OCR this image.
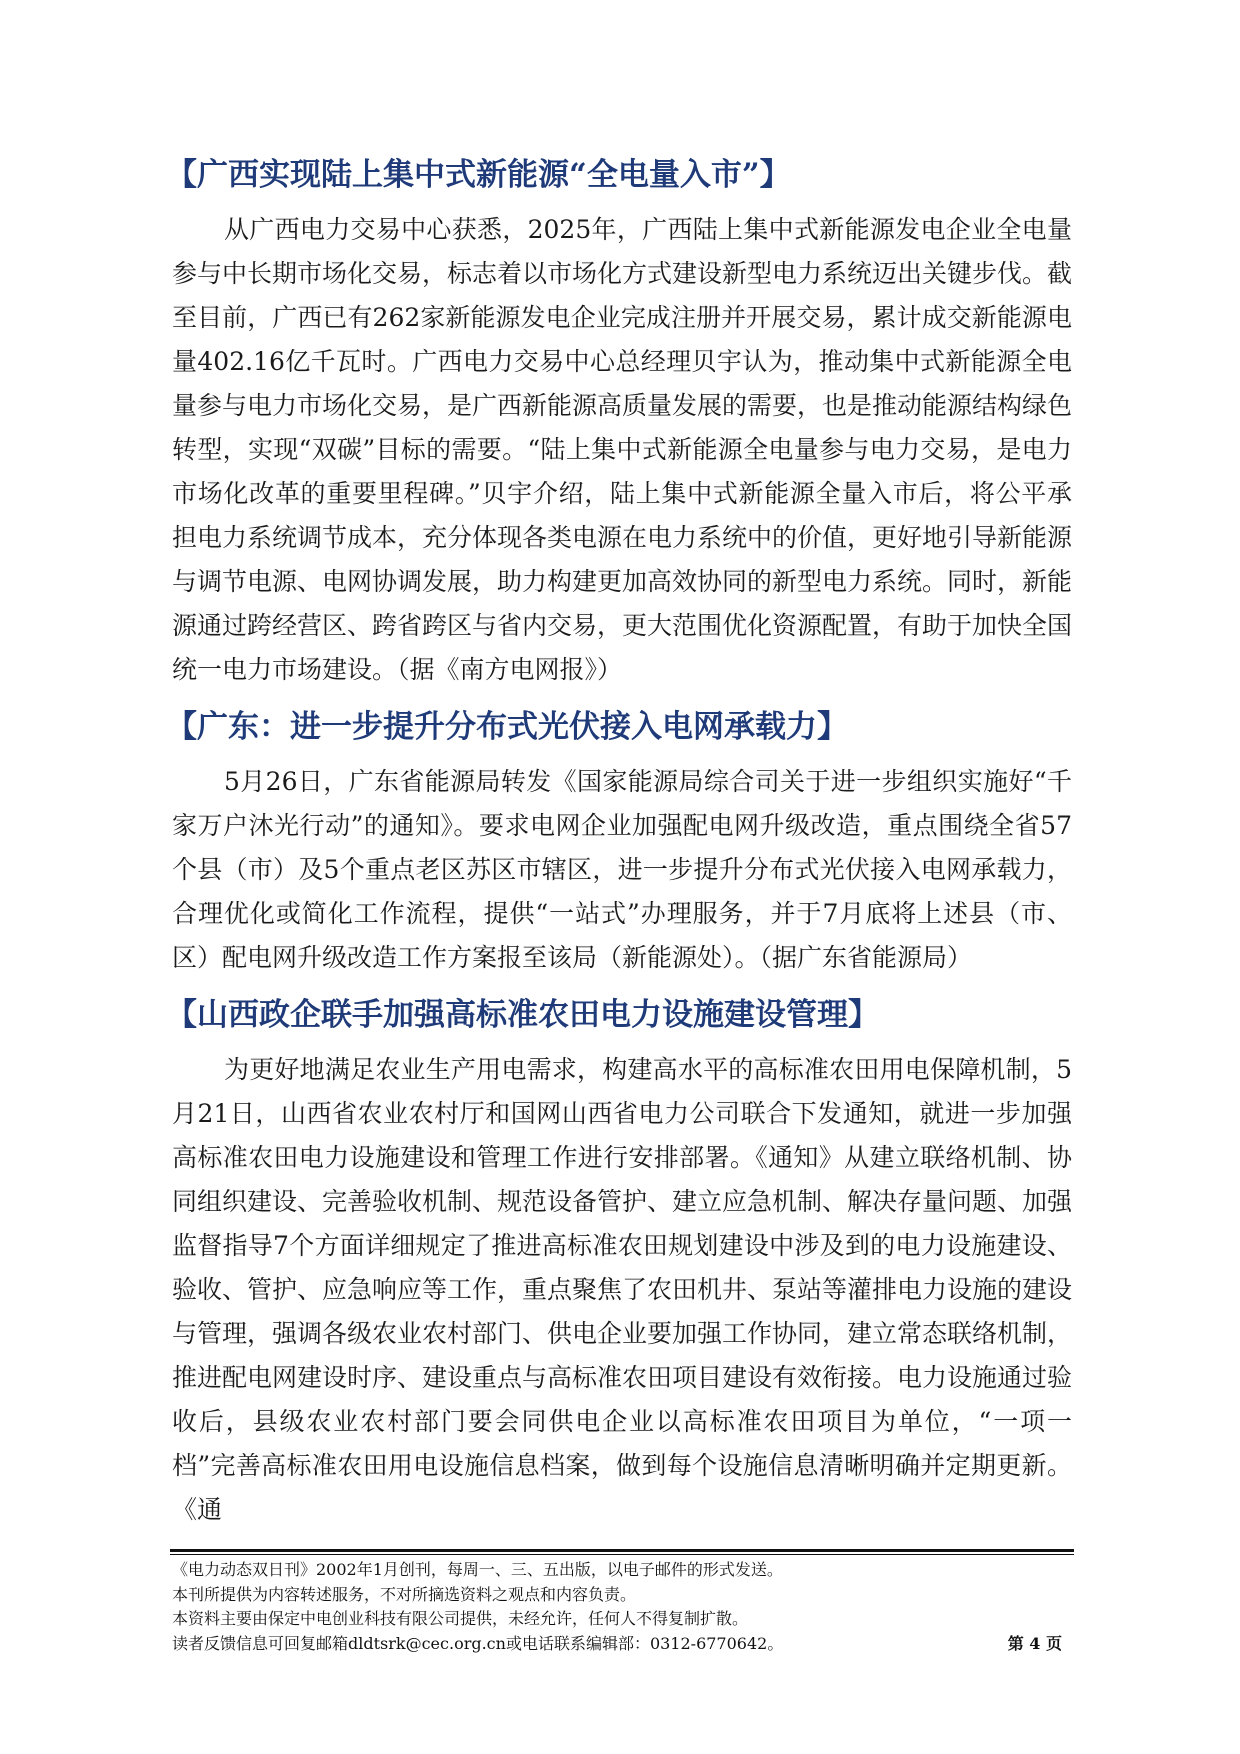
【广西实现陆上集中式新能源“全电量入市”】

从广西电力交易中心获悉，2025年，广西陆上集中式新能源发电企业全电量参与中长期市场化交易，标志着以市场化方式建设新型电力系统迈出关键步伐。截至目前，广西已有262家新能源发电企业完成注册并开展交易，累计成交新能源电量402.16亿千瓦时。广西电力交易中心总经理贝宇认为，推动集中式新能源全电量参与电力市场化交易，是广西新能源高质量发展的需要，也是推动能源结构绿色转型，实现“双碳”目标的需要。“陆上集中式新能源全电量参与电力交易，是电力市场化改革的重要里程碑。”贝宇介绍，陆上集中式新能源全量入市后，将公平承担电力系统调节成本，充分体现各类电源在电力系统中的价值，更好地引导新能源与调节电源、电网协调发展，助力构建更加高效协同的新型电力系统。同时，新能源通过跨经营区、跨省跨区与省内交易，更大范围优化资源配置，有助于加快全国统一电力市场建设。（据《南方电网报》）

【广东：进一步提升分布式光伏接入电网承载力】

5月26日，广东省能源局转发《国家能源局综合司关于进一步组织实施好“千家万户沐光行动”的通知》。要求电网企业加强配电网升级改造，重点围绕全省57个县（市）及5个重点老区苏区市辖区，进一步提升分布式光伏接入电网承载力，合理优化或简化工作流程，提供“一站式”办理服务，并于7月底将上述县（市、区）配电网升级改造工作方案报至该局（新能源处）。（据广东省能源局）

【山西政企联手加强高标准农田电力设施建设管理】

为更好地满足农业生产用电需求，构建高水平的高标准农田用电保障机制，5月21日，山西省农业农村厅和国网山西省电力公司联合下发通知，就进一步加强高标准农田电力设施建设和管理工作进行安排部署。《通知》从建立联络机制、协同组织建设、完善验收机制、规范设备管护、建立应急机制、解决存量问题、加强监督指导7个方面详细规定了推进高标准农田规划建设中涉及到的电力设施建设、验收、管护、应急响应等工作，重点聚焦了农田机井、泵站等灌排电力设施的建设与管理，强调各级农业农村部门、供电企业要加强工作协同，建立常态联络机制，推进配电网建设时序、建设重点与高标准农田项目建设有效衔接。电力设施通过验收后，县级农业农村部门要会同供电企业以高标准农田项目为单位，“一项一档”完善高标准农田用电设施信息档案，做到每个设施信息清晰明确并定期更新。《通

《电力动态双日刊》2002年1月创刊，每周一、三、五出版，以电子邮件的形式发送。
本刊所提供为内容转述服务，不对所摘选资料之观点和内容负责。
本资料主要由保定中电创业科技有限公司提供，未经允许，任何人不得复制扩散。
读者反馈信息可回复邮箱dldtsrk@cec.org.cn或电话联系编辑部：0312-6770642。	第 4 页
